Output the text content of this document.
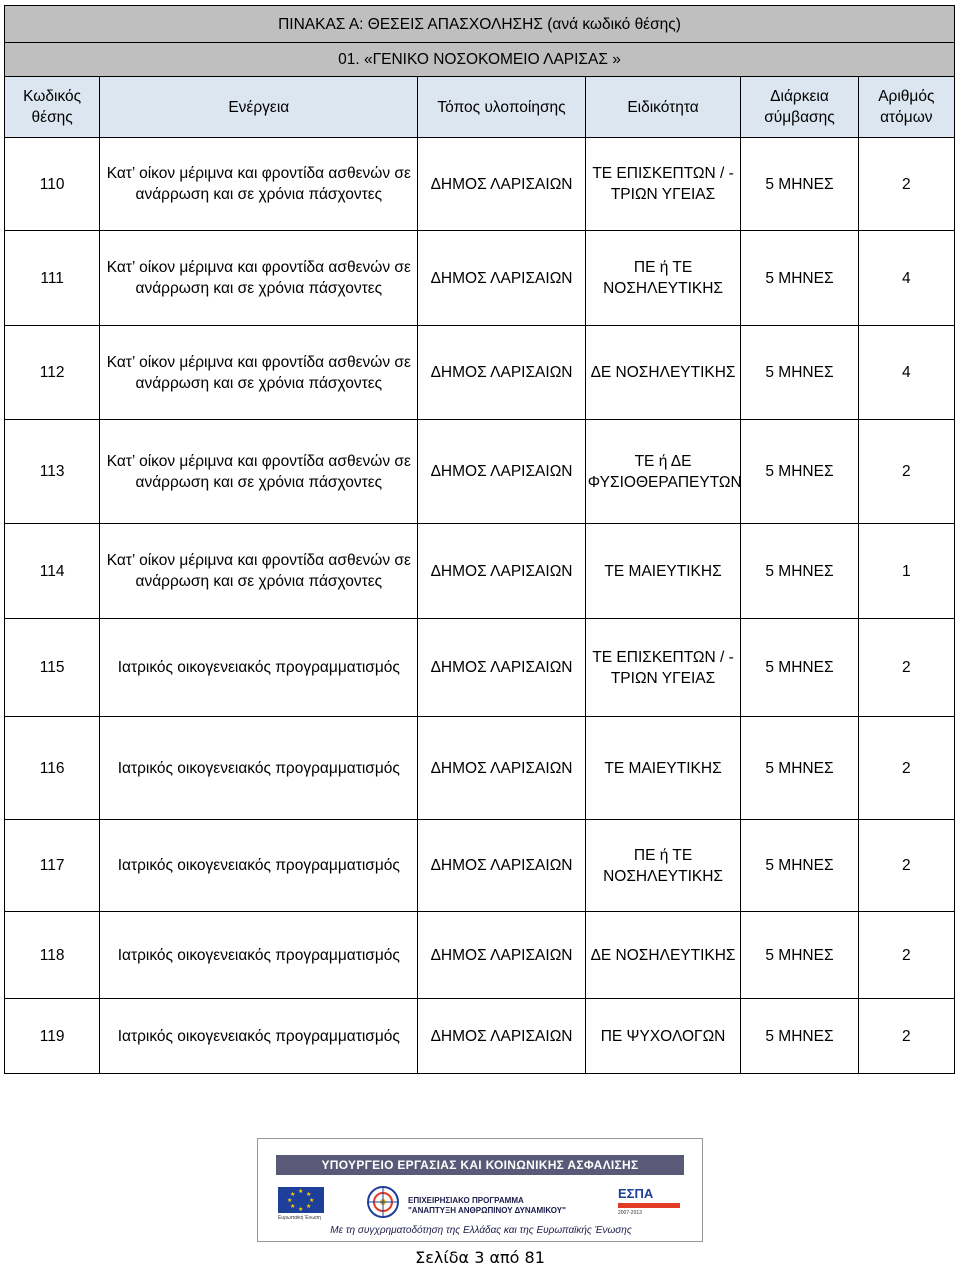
ΠΙΝΑΚΑΣ Α: ΘΕΣΕΙΣ ΑΠΑΣΧΟΛΗΣΗΣ (ανά κωδικό θέσης)					
01. «ΓΕΝΙΚΟ ΝΟΣΟΚΟΜΕΙΟ ΛΑΡΙΣΑΣ »					
Κωδικός θέσης	Ενέργεια	Τόπος υλοποίησης	Ειδικότητα	Διάρκεια σύμβασης	Αριθμός ατόμων
110	Κατ’ οίκον μέριμνα και φροντίδα ασθενών σε ανάρρωση και σε χρόνια πάσχοντες	ΔΗΜΟΣ ΛΑΡΙΣΑΙΩΝ	ΤΕ ΕΠΙΣΚΕΠΤΩΝ / - ΤΡΙΩΝ ΥΓΕΙΑΣ	5 ΜΗΝΕΣ	2
111	Κατ’ οίκον μέριμνα και φροντίδα ασθενών σε ανάρρωση και σε χρόνια πάσχοντες	ΔΗΜΟΣ ΛΑΡΙΣΑΙΩΝ	ΠΕ ή ΤΕ ΝΟΣΗΛΕΥΤΙΚΗΣ	5 ΜΗΝΕΣ	4
112	Κατ’ οίκον μέριμνα και φροντίδα ασθενών σε ανάρρωση και σε χρόνια πάσχοντες	ΔΗΜΟΣ ΛΑΡΙΣΑΙΩΝ	ΔΕ ΝΟΣΗΛΕΥΤΙΚΗΣ	5 ΜΗΝΕΣ	4
113	Κατ’ οίκον μέριμνα και φροντίδα ασθενών σε ανάρρωση και σε χρόνια πάσχοντες	ΔΗΜΟΣ ΛΑΡΙΣΑΙΩΝ	ΤΕ ή ΔΕ ΦΥΣΙΟΘΕΡΑΠΕΥΤΩΝ	5 ΜΗΝΕΣ	2
114	Κατ’ οίκον μέριμνα και φροντίδα ασθενών σε ανάρρωση και σε χρόνια πάσχοντες	ΔΗΜΟΣ ΛΑΡΙΣΑΙΩΝ	ΤΕ ΜΑΙΕΥΤΙΚΗΣ	5 ΜΗΝΕΣ	1
115	Ιατρικός οικογενειακός προγραμματισμός	ΔΗΜΟΣ ΛΑΡΙΣΑΙΩΝ	ΤΕ ΕΠΙΣΚΕΠΤΩΝ / - ΤΡΙΩΝ ΥΓΕΙΑΣ	5 ΜΗΝΕΣ	2
116	Ιατρικός οικογενειακός προγραμματισμός	ΔΗΜΟΣ ΛΑΡΙΣΑΙΩΝ	ΤΕ ΜΑΙΕΥΤΙΚΗΣ	5 ΜΗΝΕΣ	2
117	Ιατρικός οικογενειακός προγραμματισμός	ΔΗΜΟΣ ΛΑΡΙΣΑΙΩΝ	ΠΕ ή ΤΕ ΝΟΣΗΛΕΥΤΙΚΗΣ	5 ΜΗΝΕΣ	2
118	Ιατρικός οικογενειακός προγραμματισμός	ΔΗΜΟΣ ΛΑΡΙΣΑΙΩΝ	ΔΕ ΝΟΣΗΛΕΥΤΙΚΗΣ	5 ΜΗΝΕΣ	2
119	Ιατρικός οικογενειακός προγραμματισμός	ΔΗΜΟΣ ΛΑΡΙΣΑΙΩΝ	ΠΕ ΨΥΧΟΛΟΓΩΝ	5 ΜΗΝΕΣ	2
ΥΠΟΥΡΓΕΙΟ ΕΡΓΑΣΙΑΣ ΚΑΙ ΚΟΙΝΩΝΙΚΗΣ ΑΣΦΑΛΙΣΗΣ
★ ★
★
★
★
★
★
★
Ευρωπαϊκή Ένωση
ΕΠΙΧΕΙΡΗΣΙΑΚΟ ΠΡΟΓΡΑΜΜΑ
"ΑΝΑΠΤΥΞΗ ΑΝΘΡΩΠΙΝΟΥ ΔΥΝΑΜΙΚΟΥ"
ΕΣΠΑ
2007-2013
Με τη συγχρηματοδότηση της Ελλάδας και της Ευρωπαϊκής Ένωσης
Σελίδα 3 από 81
